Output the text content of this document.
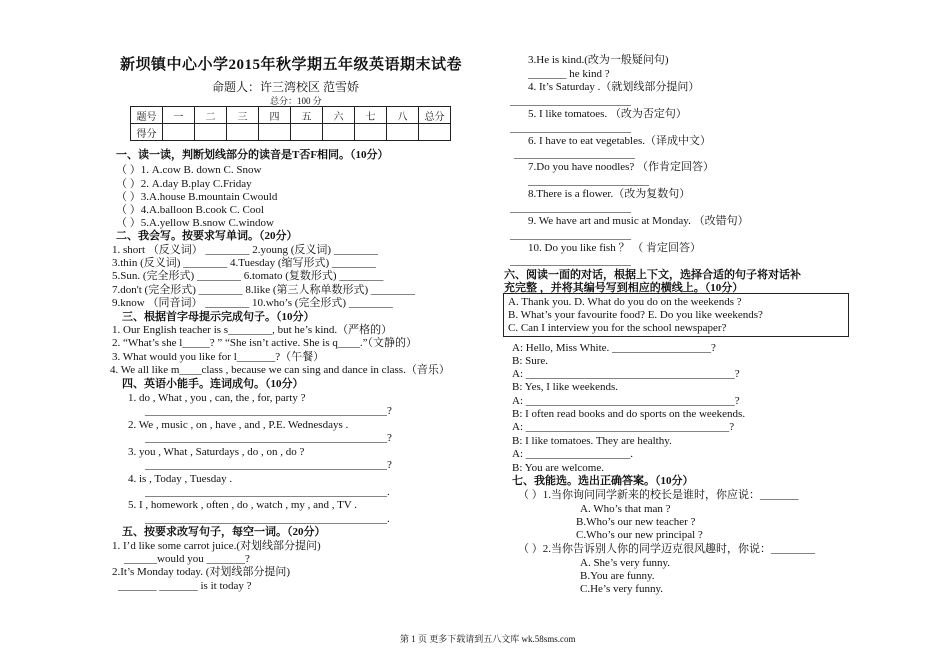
新坝镇中心小学2015年秋学期五年级英语期末试卷
命题人：许三湾校区 范雪娇
总分：100 分
题号	一	二	三	四	五	六	七	八	总分
得分									
一、读一读，判断划线部分的读音是T否F相同。（10分）
（ ）1. A.cow B. down C. Snow
（ ）2. A.day B.play C.Friday
（ ）3.A.house B.mountain Cwould
（ ）4.A.balloon B.cook C. Cool
（ ）5.A.yellow B.snow C.window
二、我会写。按要求写单词。（20分）
1. short （反义词） ________ 2.young (反义词) ________
3.thin (反义词) ________ 4.Tuesday (缩写形式) ________
5.Sun. (完全形式) ________ 6.tomato (复数形式) ________
7.don't (完全形式) ________ 8.like (第三人称单数形式) ________
9.know （同音词） ________ 10.who’s (完全形式) ________
三、根据首字母提示完成句子。（10分）
1. Our English teacher is s________, but he’s kind.（严格的）
2. “What’s she l_____? ” “She isn’t active. She is q____.”（文静的）
3. What would you like for l_______?（午餐）
4. We all like m____class , because we can sing and dance in class.（音乐）
四、英语小能手。连词成句。（10分）
1. do , What , you , can, the , for, party ?
____________________________________________?
2. We , music , on , have , and , P.E. Wednesdays .
____________________________________________?
3. you , What , Saturdays , do , on , do ?
____________________________________________?
4. is , Today , Tuesday .
____________________________________________.
5. I , homework , often , do , watch , my , and , TV .
____________________________________________.
五、按要求改写句子，每空一词。（20分）
1. I’d like some carrot juice.(对划线部分提问)
______would you _______?
2.It’s Monday today. (对划线部分提问)
_______ _______ is it today ?
3.He is kind.(改为一般疑问句)
_______ he kind ?
4. It’s Saturday .（就划线部分提问）
______________________
5. I like tomatoes. （改为否定句）
______________________
6. I have to eat vegetables.（译成中文）
______________________
7.Do you have noodles? （作肯定回答）
______________________
8.There is a flower.（改为复数句）
______________________
9. We have art and music at Monday. （改错句）
______________________
10. Do you like fish ？ （ 肯定回答）
______________________
六、阅读一面的对话，根据上下文，选择合适的句子将对话补
充完整 ，并将其编号写到相应的横线上。（10分）
A. Thank you. D. What do you do on the weekends ?
B. What’s your favourite food? E. Do you like weekends?
C. Can I interview you for the school newspaper?
A: Hello, Miss White. __________________?
B: Sure.
A: ______________________________________?
B: Yes, I like weekends.
A: ______________________________________?
B: I often read books and do sports on the weekends.
A: _____________________________________?
B: I like tomatoes. They are healthy.
A: ___________________.
B: You are welcome.
七、我能选。选出正确答案。（10分）
（ ）1.当你询问同学新来的校长是谁时，你应说：_______
A. Who’s that man ?
B.Who’s our new teacher ?
C.Who’s our new principal ?
（ ）2.当你告诉别人你的同学迈克很风趣时，你说：________
A. She’s very funny.
B.You are funny.
C.He’s very funny.
第 1 页 更多下载请到五八文库 wk.58sms.com
